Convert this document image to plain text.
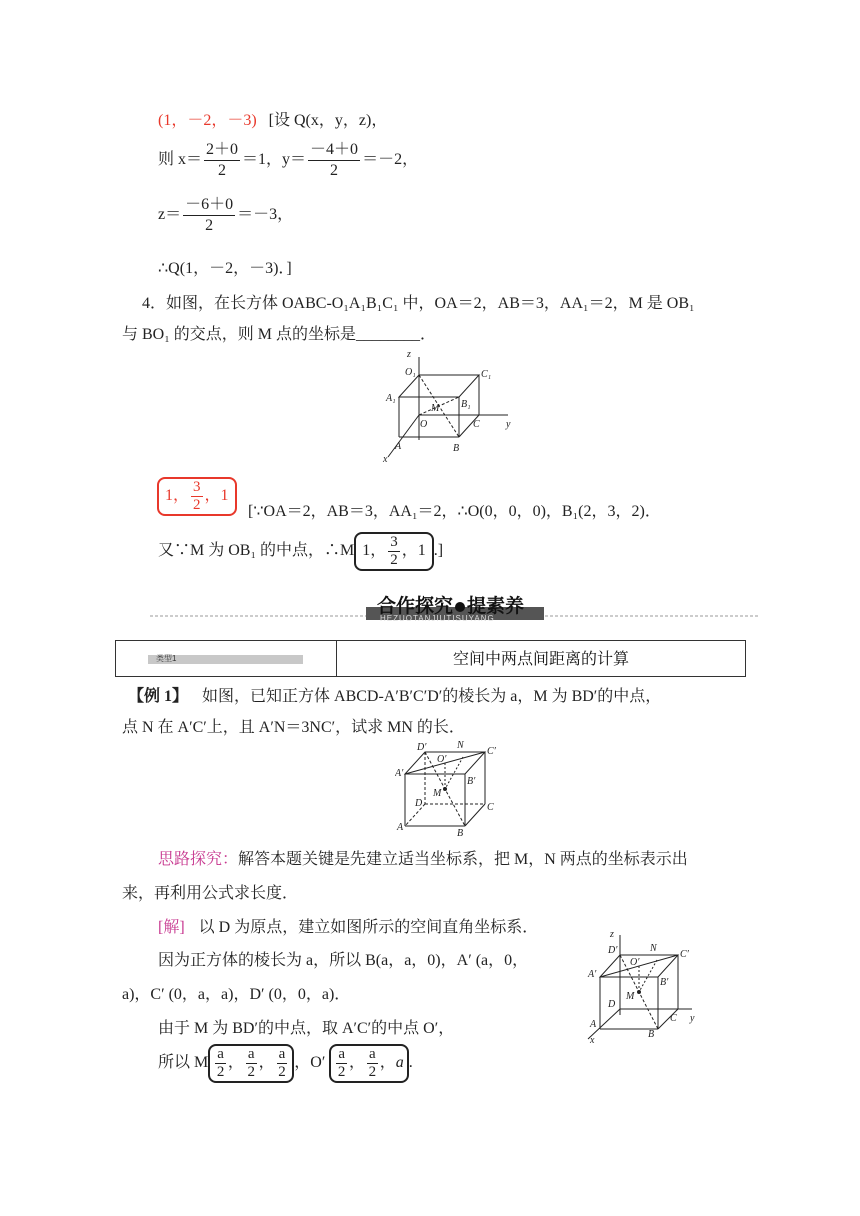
(1，－2，－3) [设 Q(x，y，z)，
则 $x= \frac{2+0}{2} =1$，$y= \frac{-4+0}{2} =-2$，
$z= \frac{-6+0}{2} =-3$，
∴Q(1，－2，－3)．]
4．如图，在长方体 OABC-O₁A₁B₁C₁ 中，OA＝2，AB＝3，AA₁＝2，M 是 OB₁
与 BO₁ 的交点，则 M 点的坐标是________．
z
O₁	C₁
A₁
B₁
M
O	C	y
A	B
x
1， $\frac{3}{2}$ ，1
[∵OA＝2，AB＝3，AA₁＝2，∴O(0，0，0)，B₁(2，3，2)．
又∵M 为 OB₁ 的中点，∴M 1， $\frac{3}{2}$ ，1 .]
合作探究 提素养
HEZUOTANJIUTISUYANG
类型1	空间中两点间距离的计算
【例 1】 如图，已知正方体 ABCD-A′B′C′D′的棱长为 a，M 为 BD′的中点，
点 N 在 A′C′上，且 A′N＝3NC′，试求 MN 的长．
D′	N
C′
A′
O′
B′
M
D	C
A
B
思路探究：解答本题关键是先建立适当坐标系，把 M，N 两点的坐标表示出
来，再利用公式求长度．
[解] 以 D 为原点，建立如图所示的空间直角坐标系．
因为正方体的棱长为 a，所以 B(a，a，0)，A′ (a，0，
a)，C′ (0，a，a)，D′ (0，0，a)．
由于 M 为 BD′的中点，取 A′C′的中点 O′，
所以 M $\frac{a}{2}$ ， $\frac{a}{2}$ ， $\frac{a}{2}$ ，$O' \frac{a}{2}$ ， $\frac{a}{2}$ ，a .
z
D′	N
C′
A′
O′
B′
M
D
C y
A
B
x
